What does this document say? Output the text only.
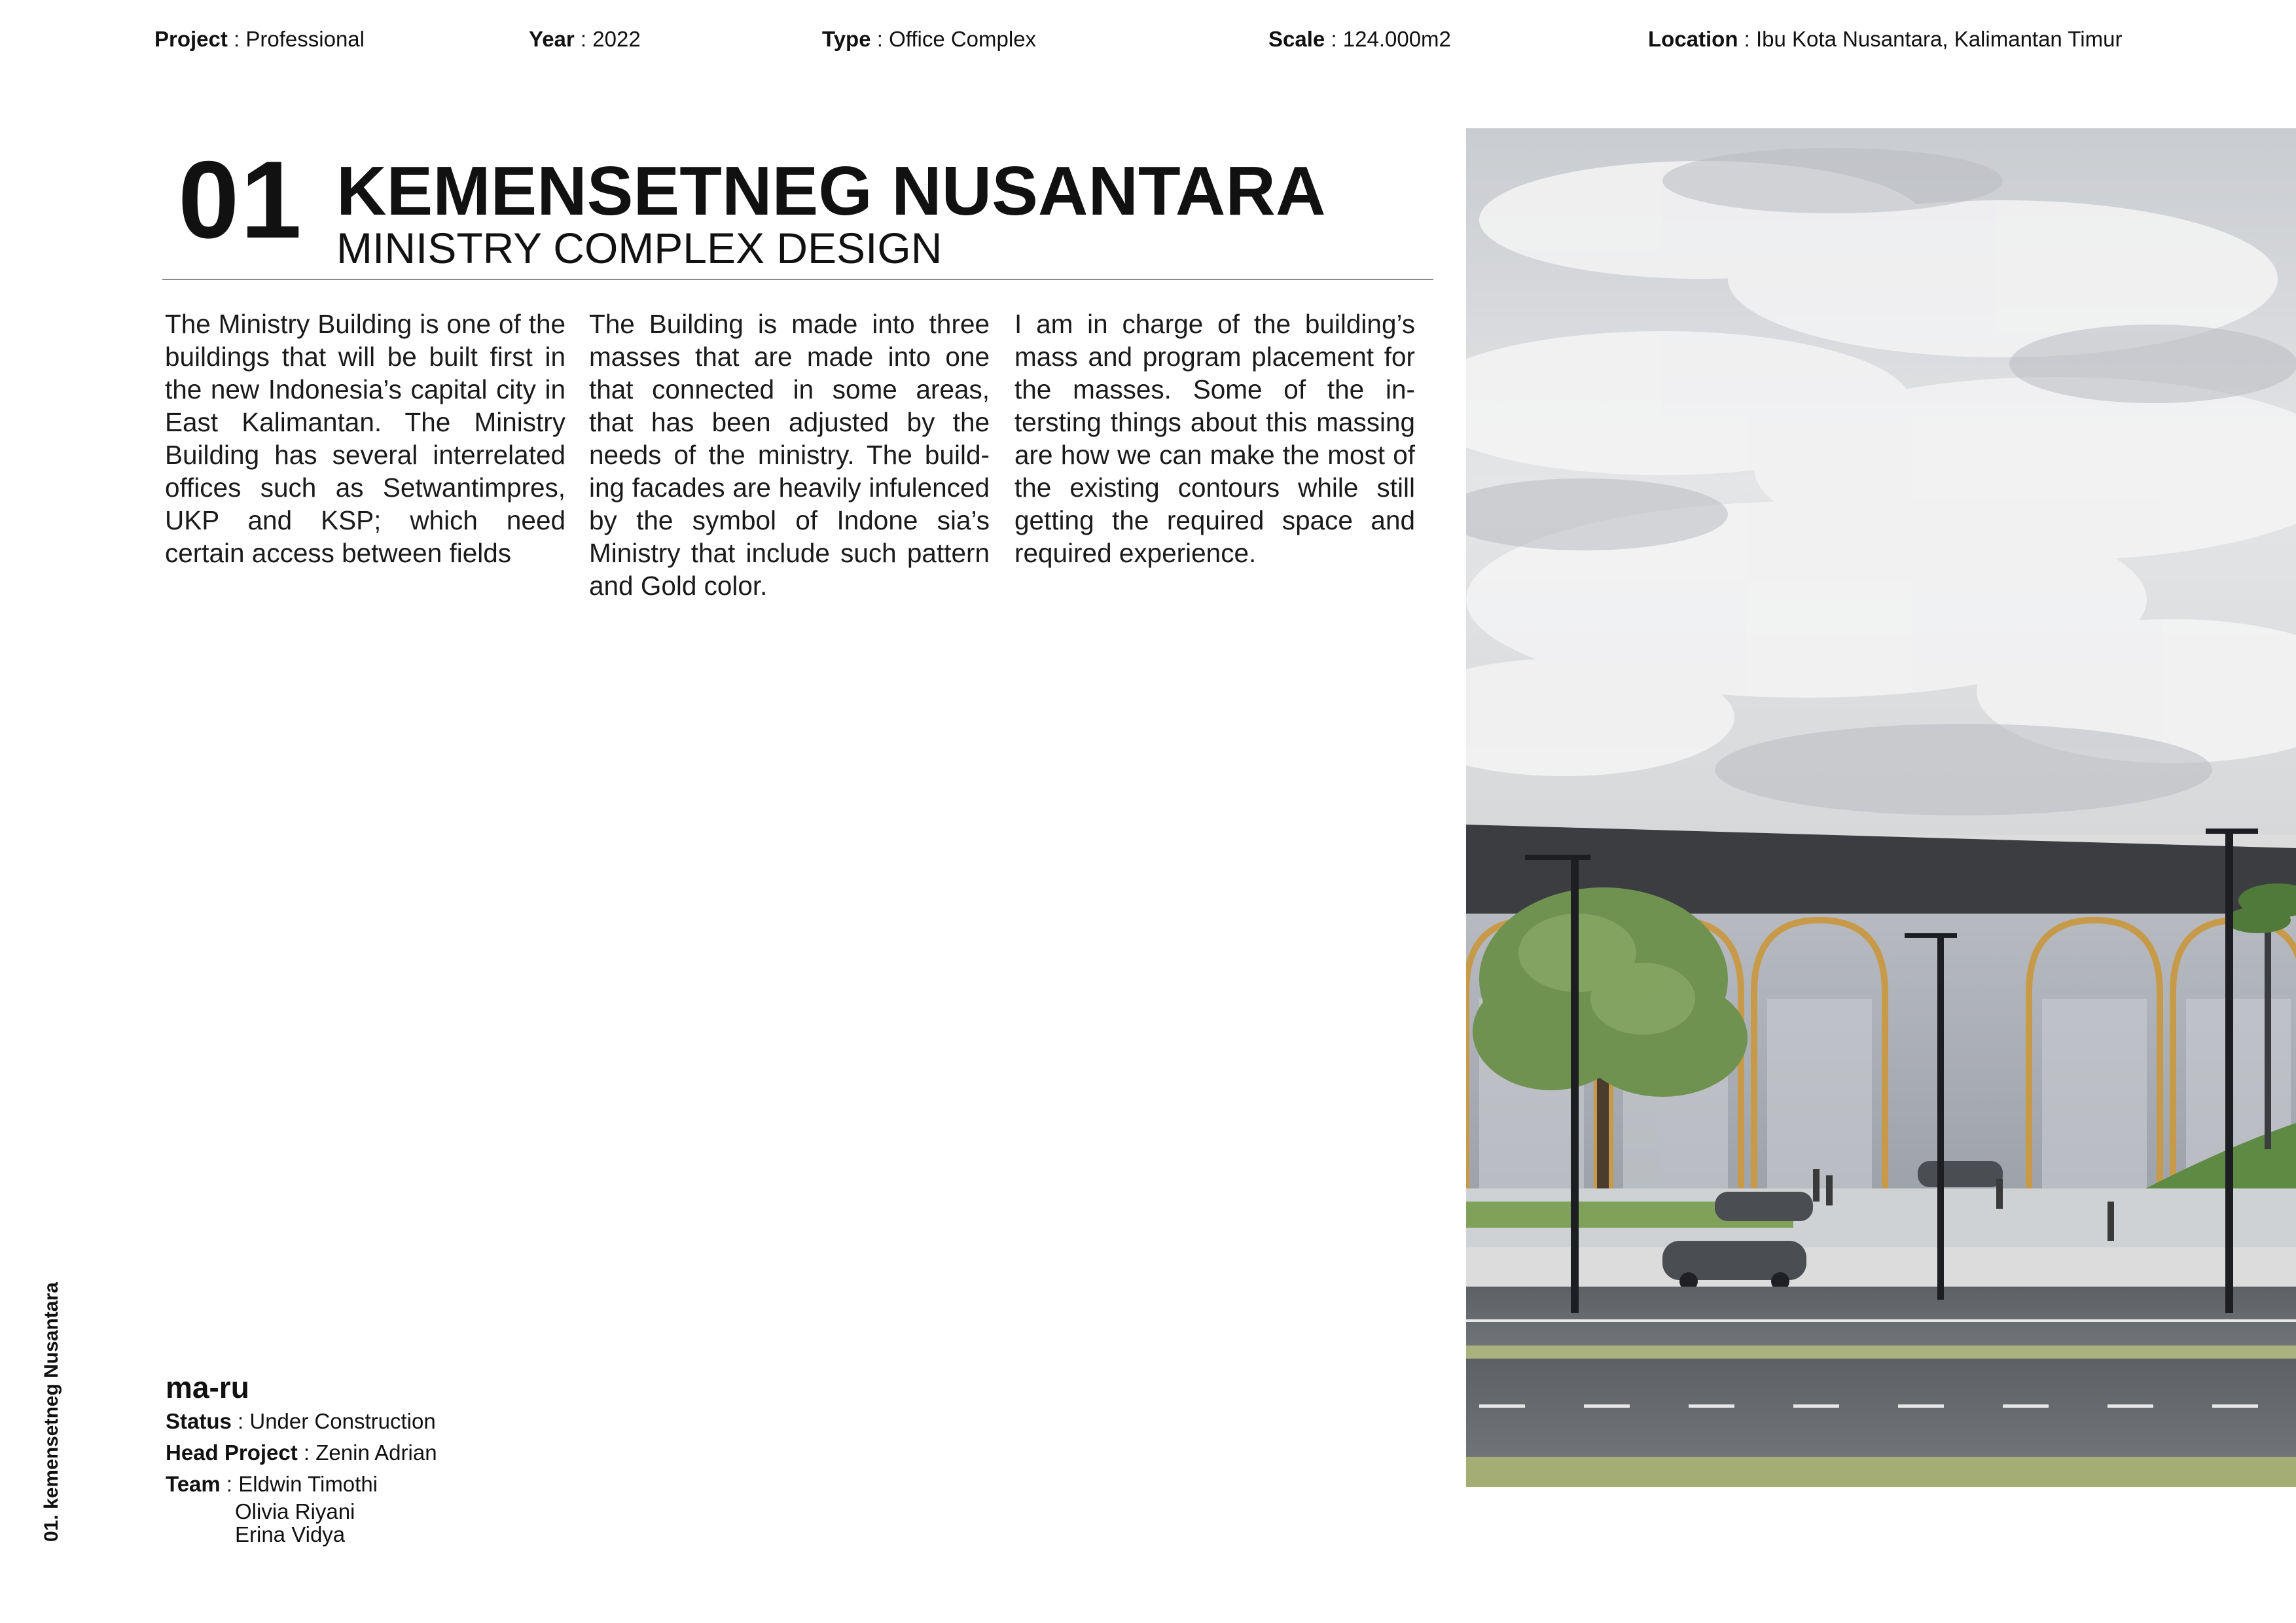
Project : Professional	Year : 2022	Type : Office Complex	Scale : 124.000m2	Location : Ibu Kota Nusantara, Kalimantan Timur
01 KEMENSETNEG NUSANTARA
MINISTRY COMPLEX DESIGN

The Ministry Building is one of the buildings that will be built first in the new Indonesia’s capital city in East Kalimantan. The Ministry Building has several interrelated offices such as Setwantimpres, UKP and KSP; which need certain access between fields

The Building is made into three masses that are made into one that connected in some areas, that has been adjusted by the needs of the ministry. The building facades are heavily infulenced by the symbol of Indone sia’s Ministry that include such pattern and Gold color.

I am in charge of the building’s mass and program placement for the masses. Some of the intersting things about this massing are how we can make the most of the existing contours while still getting the required space and required experience.

ma-ru
Status : Under Construction
Head Project : Zenin Adrian
Team : Eldwin Timothi
Olivia Riyani
Erina Vidya
01. kemensetneg Nusantara
